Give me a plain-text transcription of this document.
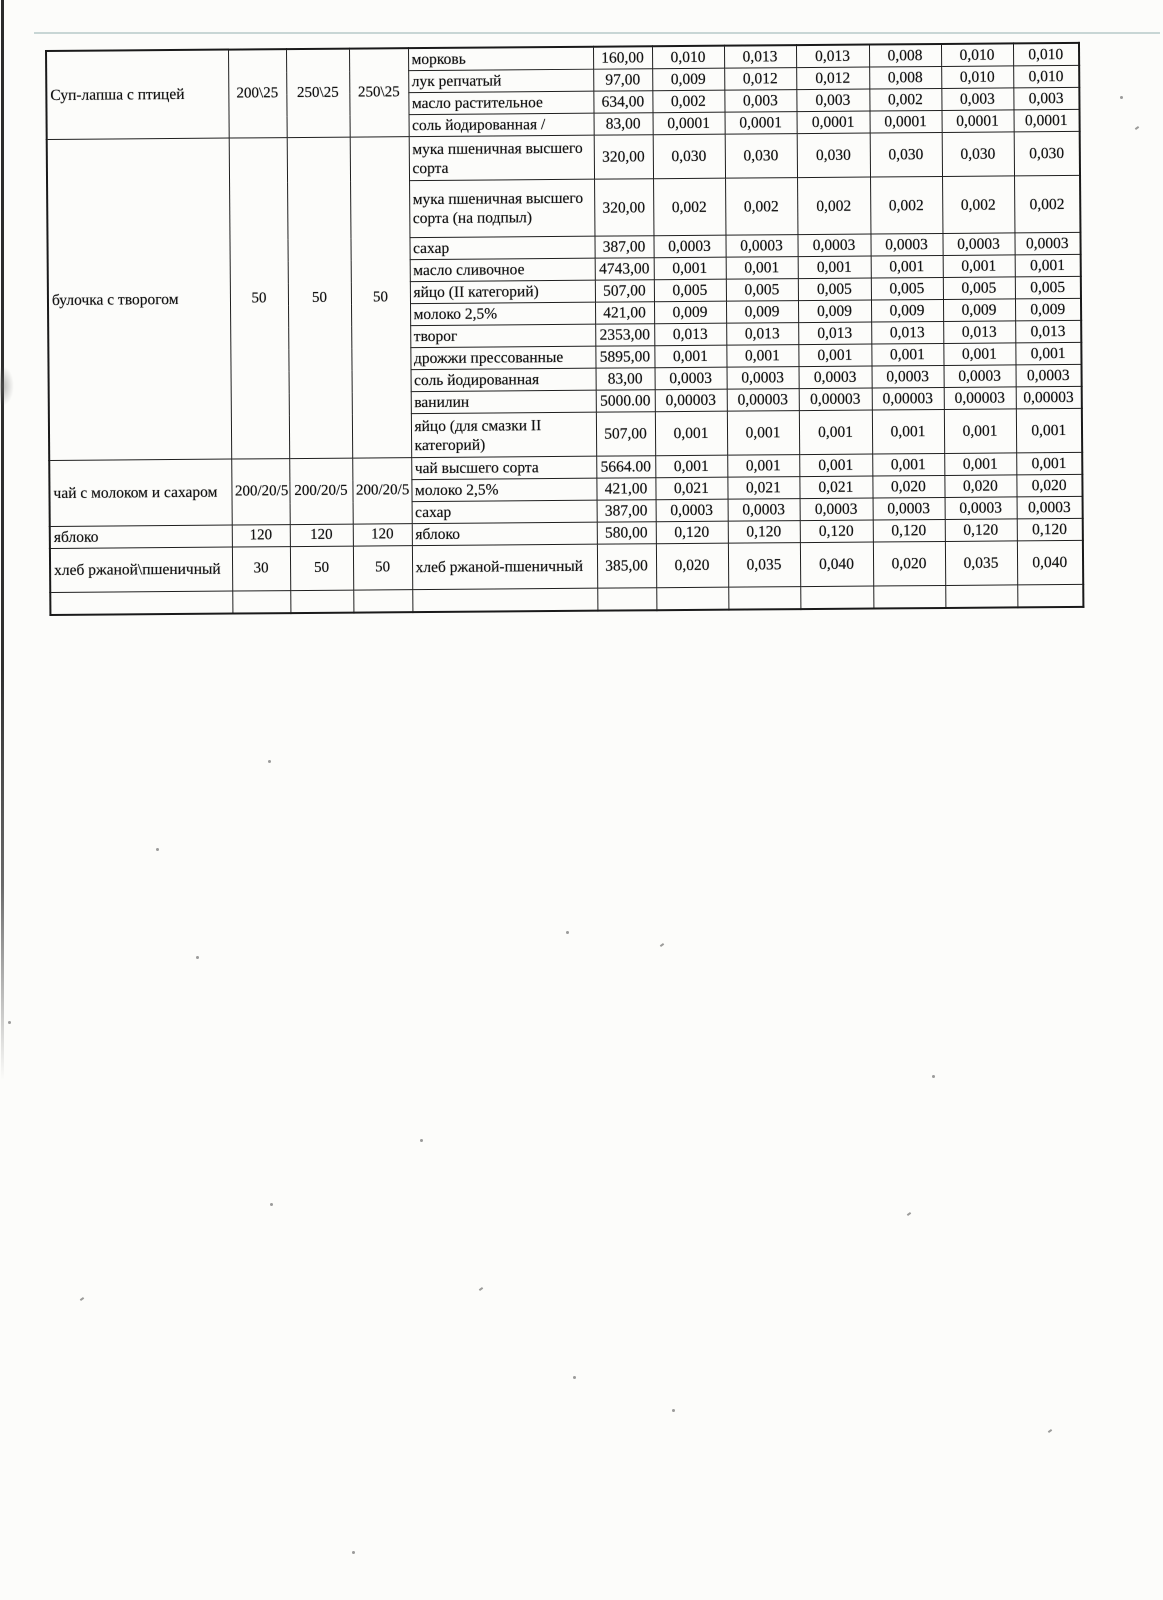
Суп-лапша с птицей	200\25	250\25	250\25	морковь	160,00	0,010	0,013	0,013	0,008	0,010	0,010
				лук репчатый	97,00	0,009	0,012	0,012	0,008	0,010	0,010
				масло растительное	634,00	0,002	0,003	0,003	0,002	0,003	0,003
				соль йодированная /	83,00	0,0001	0,0001	0,0001	0,0001	0,0001	0,0001
булочка с творогом	50	50	50	мука пшеничная высшего сорта	320,00	0,030	0,030	0,030	0,030	0,030	0,030
				мука пшеничная высшего сорта (на подпыл)	320,00	0,002	0,002	0,002	0,002	0,002	0,002
				сахар	387,00	0,0003	0,0003	0,0003	0,0003	0,0003	0,0003
				масло сливочное	4743,00	0,001	0,001	0,001	0,001	0,001	0,001
				яйцо (II категорий)	507,00	0,005	0,005	0,005	0,005	0,005	0,005
				молоко 2,5%	421,00	0,009	0,009	0,009	0,009	0,009	0,009
				творог	2353,00	0,013	0,013	0,013	0,013	0,013	0,013
				дрожжи прессованные	5895,00	0,001	0,001	0,001	0,001	0,001	0,001
				соль йодированная	83,00	0,0003	0,0003	0,0003	0,0003	0,0003	0,0003
				ванилин	5000.00	0,00003	0,00003	0,00003	0,00003	0,00003	0,00003
				яйцо (для смазки II категорий)	507,00	0,001	0,001	0,001	0,001	0,001	0,001
чай с молоком и сахаром	200/20/5	200/20/5	200/20/5	чай высшего сорта	5664.00	0,001	0,001	0,001	0,001	0,001	0,001
				молоко 2,5%	421,00	0,021	0,021	0,021	0,020	0,020	0,020
				сахар	387,00	0,0003	0,0003	0,0003	0,0003	0,0003	0,0003
яблоко	120	120	120	яблоко	580,00	0,120	0,120	0,120	0,120	0,120	0,120
хлеб ржаной\пшеничный	30	50	50	хлеб ржаной-пшеничный	385,00	0,020	0,035	0,040	0,020	0,035	0,040
